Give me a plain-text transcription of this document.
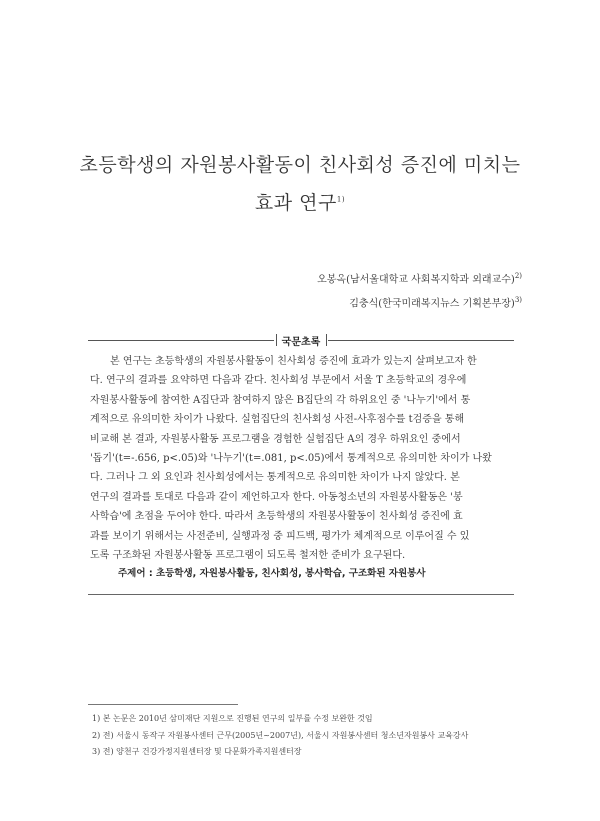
초등학생의 자원봉사활동이 친사회성 증진에 미치는
효과 연구$^{1)}$
오봉옥(남서울대학교 사회복지학과 외래교수)$^{2)}$
김충식(한국미래복지뉴스 기획본부장)$^{3)}$
국문초록
본 연구는 초등학생의 자원봉사활동이 친사회성 증진에 효과가 있는지 살펴보고자 한
다. 연구의 결과를 요약하면 다음과 같다. 친사회성 부문에서 서울 T 초등학교의 경우에
자원봉사활동에 참여한 A집단과 참여하지 않은 B집단의 각 하위요인 중 '나누기'에서 통
계적으로 유의미한 차이가 나왔다. 실험집단의 친사회성 사전-사후점수를 t검증을 통해
비교해 본 결과, 자원봉사활동 프로그램을 경험한 실험집단 A의 경우 하위요인 중에서
'돕기'(t=-.656, p<.05)와 '나누기'(t=.081, p<.05)에서 통계적으로 유의미한 차이가 나왔
다. 그러나 그 외 요인과 친사회성에서는 통계적으로 유의미한 차이가 나지 않았다. 본
연구의 결과를 토대로 다음과 같이 제언하고자 한다. 아동청소년의 자원봉사활동은 '봉
사학습'에 초점을 두어야 한다. 따라서 초등학생의 자원봉사활동이 친사회성 증진에 효
과를 보이기 위해서는 사전준비, 실행과정 중 피드백, 평가가 체계적으로 이루어질 수 있
도록 구조화된 자원봉사활동 프로그램이 되도록 철저한 준비가 요구된다.
주제어 : 초등학생, 자원봉사활동, 친사회성, 봉사학습, 구조화된 자원봉사
1) 본 논문은 2010년 삼미재단 지원으로 진행된 연구의 일부를 수정 보완한 것임
2) 전) 서울시 동작구 자원봉사센터 근무(2005년~2007년), 서울시 자원봉사센터 청소년자원봉사 교육강사
3) 전) 양천구 건강가정지원센터장 및 다문화가족지원센터장
